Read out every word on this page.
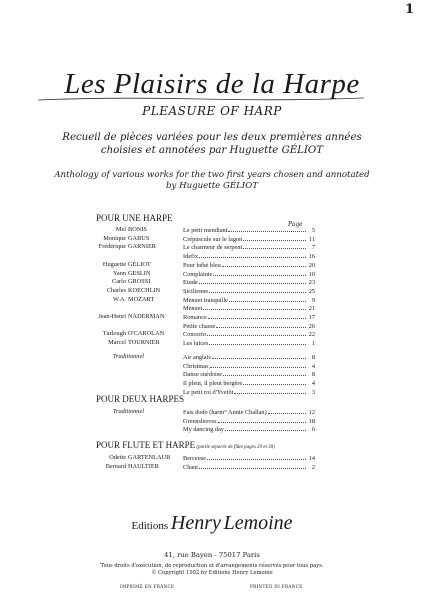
1
Les Plaisirs de la Harpe
PLEASURE OF HARP
Recueil de pièces variées pour les deux premières années choisies et annotées par Huguette GÉLIOT
Anthology of various works for the two first years chosen and annotated by Huguette GÉLIOT
Page
POUR UNE HARPE
Mel BONIS	Le petit mendiant	5
Monique GABUS	Crépuscule sur le lagon	11
Frédérique GARNIER	Le charmeur de serpent	7
Idefix	16
Huguette GÉLIOT	Pour bébé bleu	20
Yann GESLIN	Complainte	10
Carlo GROSSI	Etude	23
Charles KOECHLIN	Sicilienne	25
W.A. MOZART	Menuet tranquille	9
Menuet	21
Jean-Henri NADERMAN	Romance	17
Petite chasse	26
Turlough O'CAROLAN	Concerto	22
Marcel TOURNIER	Les lutces	1
Traditionnel	Air anglais	8
Christmas	4
Danse suédoise	8
Il pleut, il pleut bergère	4
Le petit roi d'Yvetôt	3
POUR DEUX HARPES
Traditionnel	Fais dodo (harm° Annie Challan)	12
Greensleeves	18
My dancing day	6
POUR FLUTE ET HARPE (partie séparée de flûte pages 29 et 30)
Odette GARTENLAUB	Berceuse	14
Bernard HAULTIER	Chant	2
Editions Henry Lemoine
41, rue Bayen - 75017 Paris
Tous droits d'exécution, de reproduction et d'arrangements réservés pour tous pays.
© Copyright 1992 by Editions Henry Lemoine
IMPRIMÉ EN FRANCE	PRINTED IN FRANCE
